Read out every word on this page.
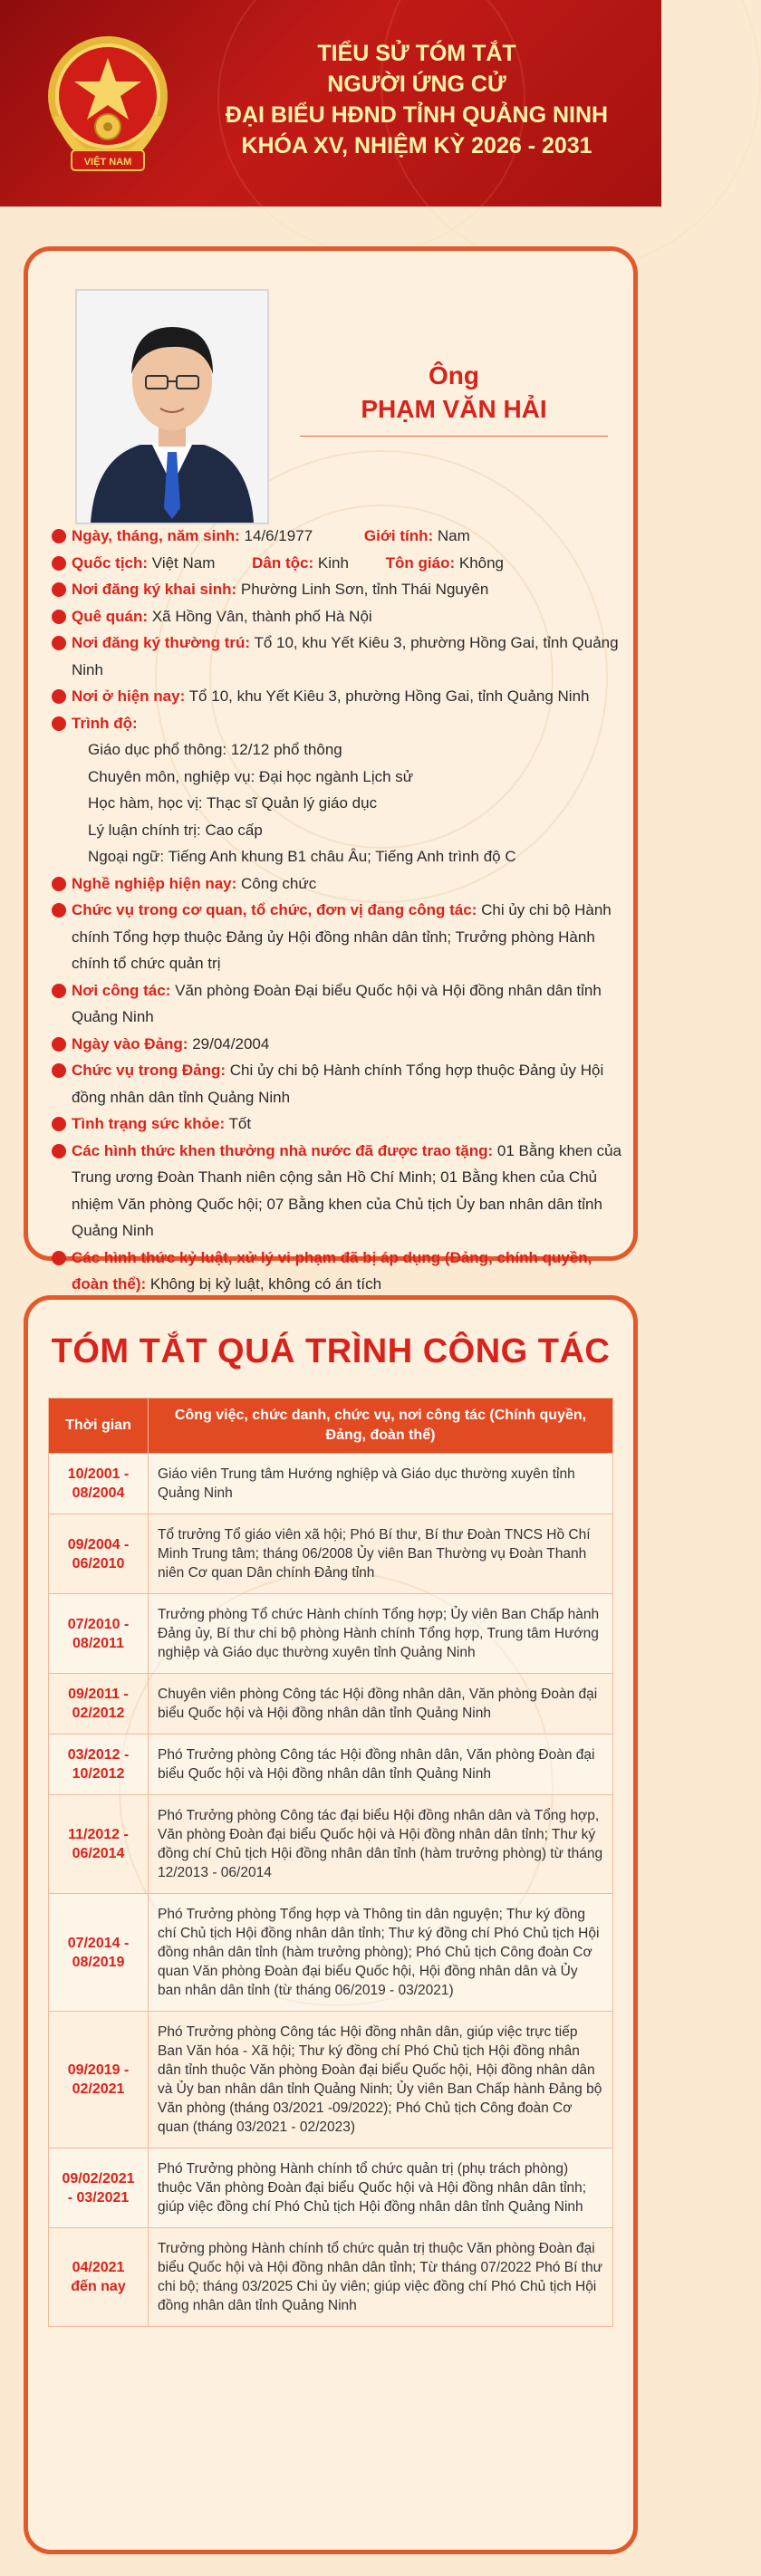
VIỆT NAM
TIỂU SỬ TÓM TẮT
NGƯỜI ỨNG CỬ
ĐẠI BIỂU HĐND TỈNH QUẢNG NINH
KHÓA XV, NHIỆM KỲ 2026 - 2031
Ông
PHẠM VĂN HẢI
Ngày, tháng, năm sinh: 14/6/1977	Giới tính: Nam
Quốc tịch: Việt Nam Dân tộc: Kinh Tôn giáo: Không
Nơi đăng ký khai sinh: Phường Linh Sơn, tỉnh Thái Nguyên
Quê quán: Xã Hồng Vân, thành phố Hà Nội
Nơi đăng ký thường trú: Tổ 10, khu Yết Kiêu 3, phường Hồng Gai, tỉnh Quảng Ninh
Nơi ở hiện nay: Tổ 10, khu Yết Kiêu 3, phường Hồng Gai, tỉnh Quảng Ninh
Trình độ:
Giáo dục phổ thông: 12/12 phổ thông
Chuyên môn, nghiệp vụ: Đại học ngành Lịch sử
Học hàm, học vị: Thạc sĩ Quản lý giáo dục
Lý luận chính trị: Cao cấp
Ngoại ngữ: Tiếng Anh khung B1 châu Âu; Tiếng Anh trình độ C
Nghề nghiệp hiện nay: Công chức
Chức vụ trong cơ quan, tổ chức, đơn vị đang công tác: Chi ủy chi bộ Hành chính Tổng hợp thuộc Đảng ủy Hội đồng nhân dân tỉnh; Trưởng phòng Hành chính tổ chức quản trị
Nơi công tác: Văn phòng Đoàn Đại biểu Quốc hội và Hội đồng nhân dân tỉnh Quảng Ninh
Ngày vào Đảng: 29/04/2004
Chức vụ trong Đảng: Chi ủy chi bộ Hành chính Tổng hợp thuộc Đảng ủy Hội đồng nhân dân tỉnh Quảng Ninh
Tình trạng sức khỏe: Tốt
Các hình thức khen thưởng nhà nước đã được trao tặng: 01 Bằng khen của Trung ương Đoàn Thanh niên cộng sản Hồ Chí Minh; 01 Bằng khen của Chủ nhiệm Văn phòng Quốc hội; 07 Bằng khen của Chủ tịch Ủy ban nhân dân tỉnh Quảng Ninh
Các hình thức kỷ luật, xử lý vi phạm đã bị áp dụng (Đảng, chính quyền, đoàn thể): Không bị kỷ luật, không có án tích
TÓM TẮT QUÁ TRÌNH CÔNG TÁC
Thời gian	Công việc, chức danh, chức vụ, nơi công tác (Chính quyền, Đảng, đoàn thể)
10/2001 - 08/2004	Giáo viên Trung tâm Hướng nghiệp và Giáo dục thường xuyên tỉnh Quảng Ninh
09/2004 - 06/2010	Tổ trưởng Tổ giáo viên xã hội; Phó Bí thư, Bí thư Đoàn TNCS Hồ Chí Minh Trung tâm; tháng 06/2008 Ủy viên Ban Thường vụ Đoàn Thanh niên Cơ quan Dân chính Đảng tỉnh
07/2010 - 08/2011	Trưởng phòng Tổ chức Hành chính Tổng hợp; Ủy viên Ban Chấp hành Đảng ủy, Bí thư chi bộ phòng Hành chính Tổng hợp, Trung tâm Hướng nghiệp và Giáo dục thường xuyên tỉnh Quảng Ninh
09/2011 - 02/2012	Chuyên viên phòng Công tác Hội đồng nhân dân, Văn phòng Đoàn đại biểu Quốc hội và Hội đồng nhân dân tỉnh Quảng Ninh
03/2012 - 10/2012	Phó Trưởng phòng Công tác Hội đồng nhân dân, Văn phòng Đoàn đại biểu Quốc hội và Hội đồng nhân dân tỉnh Quảng Ninh
11/2012 - 06/2014	Phó Trưởng phòng Công tác đại biểu Hội đồng nhân dân và Tổng hợp, Văn phòng Đoàn đại biểu Quốc hội và Hội đồng nhân dân tỉnh; Thư ký đồng chí Chủ tịch Hội đồng nhân dân tỉnh (hàm trưởng phòng) từ tháng 12/2013 - 06/2014
07/2014 - 08/2019	Phó Trưởng phòng Tổng hợp và Thông tin dân nguyện; Thư ký đồng chí Chủ tịch Hội đồng nhân dân tỉnh; Thư ký đồng chí Phó Chủ tịch Hội đồng nhân dân tỉnh (hàm trưởng phòng); Phó Chủ tịch Công đoàn Cơ quan Văn phòng Đoàn đại biểu Quốc hội, Hội đồng nhân dân và Ủy ban nhân dân tỉnh (từ tháng 06/2019 - 03/2021)
09/2019 - 02/2021	Phó Trưởng phòng Công tác Hội đồng nhân dân, giúp việc trực tiếp Ban Văn hóa - Xã hội; Thư ký đồng chí Phó Chủ tịch Hội đồng nhân dân tỉnh thuộc Văn phòng Đoàn đại biểu Quốc hội, Hội đồng nhân dân và Ủy ban nhân dân tỉnh Quảng Ninh; Ủy viên Ban Chấp hành Đảng bộ Văn phòng (tháng 03/2021 -09/2022); Phó Chủ tịch Công đoàn Cơ quan (tháng 03/2021 - 02/2023)
09/02/2021 - 03/2021	Phó Trưởng phòng Hành chính tổ chức quản trị (phụ trách phòng) thuộc Văn phòng Đoàn đại biểu Quốc hội và Hội đồng nhân dân tỉnh; giúp việc đồng chí Phó Chủ tịch Hội đồng nhân dân tỉnh Quảng Ninh
04/2021 đến nay	Trưởng phòng Hành chính tổ chức quản trị thuộc Văn phòng Đoàn đại biểu Quốc hội và Hội đồng nhân dân tỉnh; Từ tháng 07/2022 Phó Bí thư chi bộ; tháng 03/2025 Chi ủy viên; giúp việc đồng chí Phó Chủ tịch Hội đồng nhân dân tỉnh Quảng Ninh
